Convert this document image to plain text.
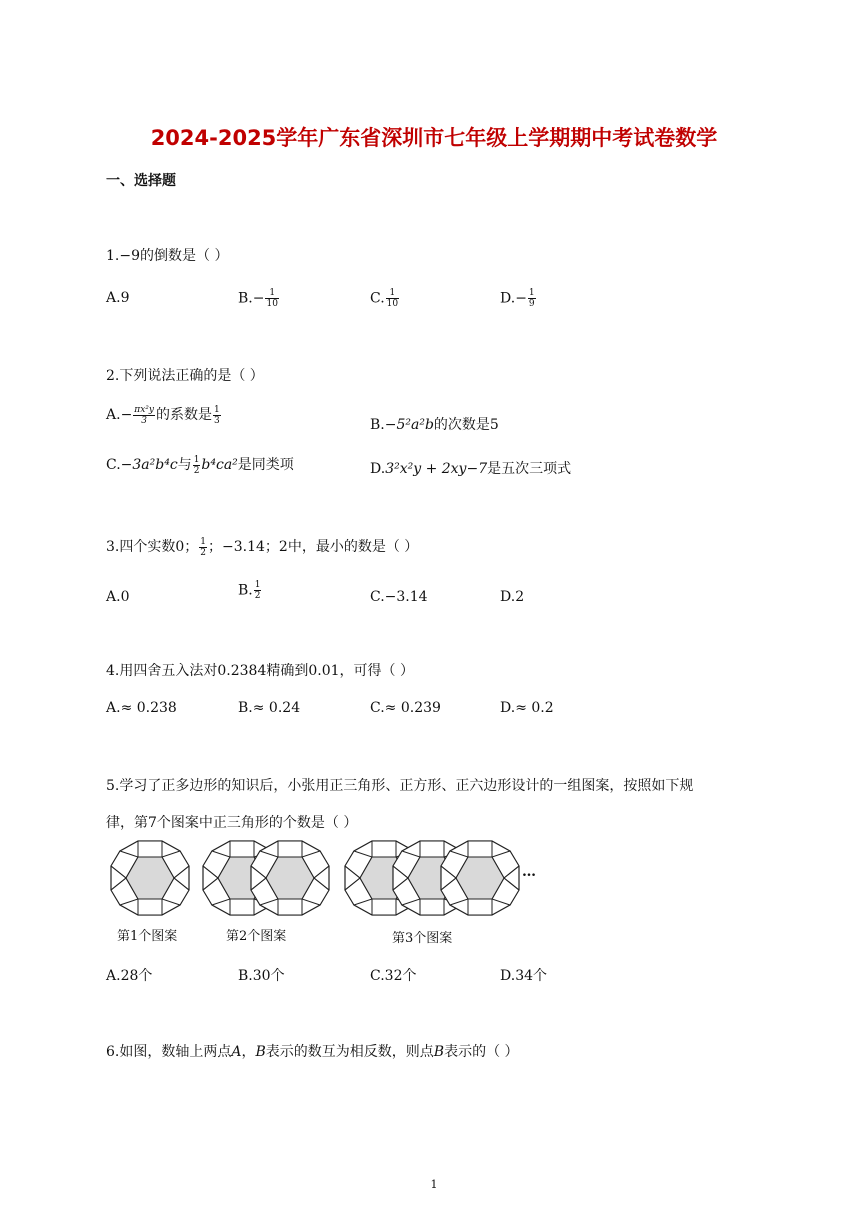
2024-2025学年广东省深圳市七年级上学期期中考试卷数学
一、选择题
1.−9的倒数是（ ）
A.9	$B.- \frac{1}{10}$	C. $\frac{1}{10}$	$D.- \frac{1}{9}$
2.下列说法正确的是（ ）
$A.- \frac{\text{πx²y}}{3}$ 的系数是 $\frac{1}{3}$	B.−5²a²b的次数是5
C.−3a²b⁴c与 $\frac{1}{2} b^4ca^2$是同类项	D.3²x²y + 2xy−7是五次三项式
3.四个实数0； $\frac{1}{2}$ ；−3.14；2中，最小的数是（ ）
A.0	B. $\frac{1}{2}$	C.−3.14	D.2
4.用四舍五入法对0.2384精确到0.01，可得（ ）
A.≈ 0.238	B.≈ 0.24	C.≈ 0.239	D.≈ 0.2
5.学习了正多边形的知识后，小张用正三角形、正方形、正六边形设计的一组图案，按照如下规
律，第7个图案中正三角形的个数是（ ）
…
第1个图案	第2个图案	第3个图案
A.28个	B.30个	C.32个	D.34个
6.如图，数轴上两点A，B表示的数互为相反数，则点B表示的（ ）
1
